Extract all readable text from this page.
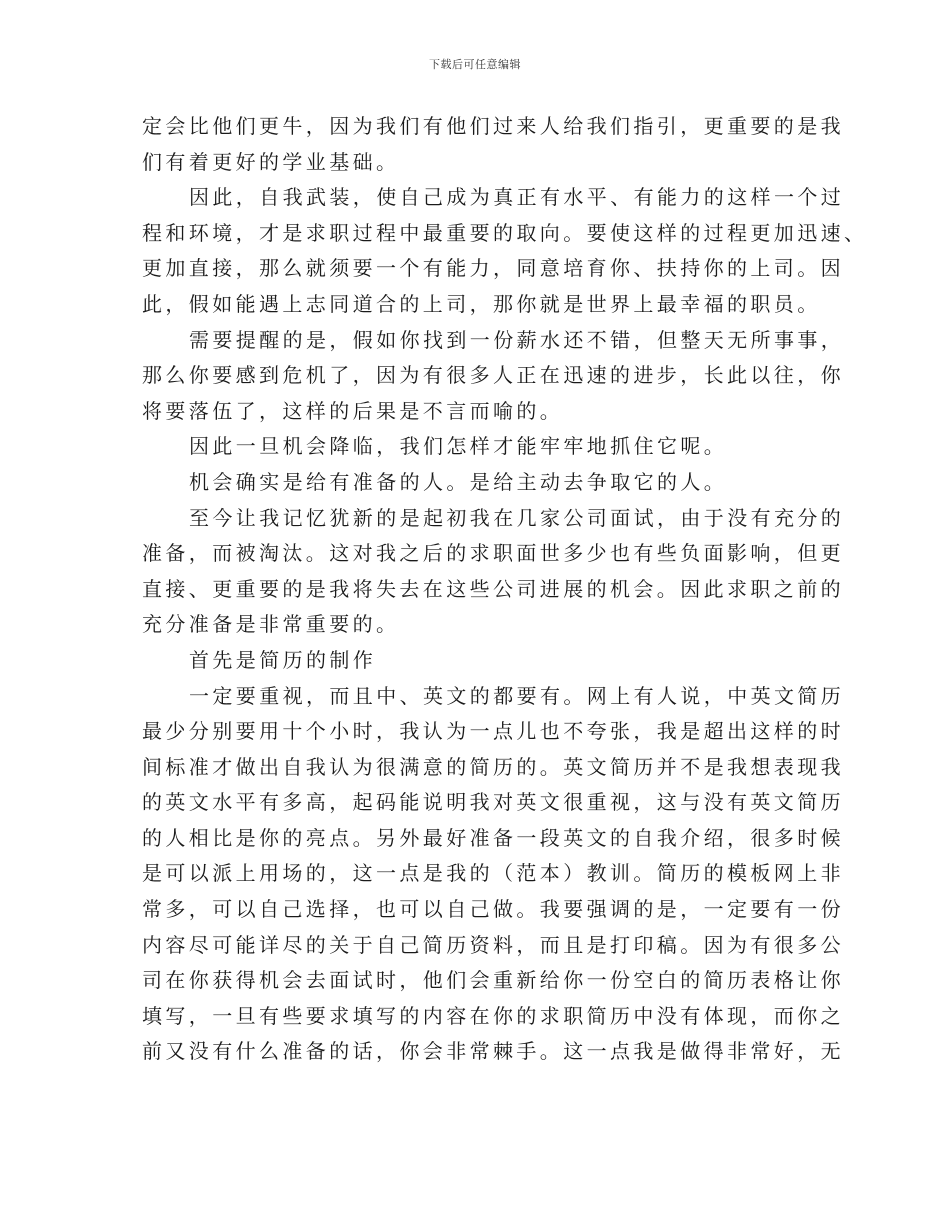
下载后可任意编辑
定会比他们更牛，因为我们有他们过来人给我们指引，更重要的是我
们有着更好的学业基础。
因此，自我武装，使自己成为真正有水平、有能力的这样一个过
程和环境，才是求职过程中最重要的取向。要使这样的过程更加迅速、
更加直接，那么就须要一个有能力，同意培育你、扶持你的上司。因
此，假如能遇上志同道合的上司，那你就是世界上最幸福的职员。
需要提醒的是，假如你找到一份薪水还不错，但整天无所事事，
那么你要感到危机了，因为有很多人正在迅速的进步，长此以往，你
将要落伍了，这样的后果是不言而喻的。
因此一旦机会降临，我们怎样才能牢牢地抓住它呢。
机会确实是给有准备的人。是给主动去争取它的人。
至今让我记忆犹新的是起初我在几家公司面试，由于没有充分的
准备，而被淘汰。这对我之后的求职面世多少也有些负面影响，但更
直接、更重要的是我将失去在这些公司进展的机会。因此求职之前的
充分准备是非常重要的。
首先是简历的制作
一定要重视，而且中、英文的都要有。网上有人说，中英文简历
最少分别要用十个小时，我认为一点儿也不夸张，我是超出这样的时
间标准才做出自我认为很满意的简历的。英文简历并不是我想表现我
的英文水平有多高，起码能说明我对英文很重视，这与没有英文简历
的人相比是你的亮点。另外最好准备一段英文的自我介绍，很多时候
是可以派上用场的，这一点是我的（范本）教训。简历的模板网上非
常多，可以自己选择，也可以自己做。我要强调的是，一定要有一份
内容尽可能详尽的关于自己简历资料，而且是打印稿。因为有很多公
司在你获得机会去面试时，他们会重新给你一份空白的简历表格让你
填写，一旦有些要求填写的内容在你的求职简历中没有体现，而你之
前又没有什么准备的话，你会非常棘手。这一点我是做得非常好，无
